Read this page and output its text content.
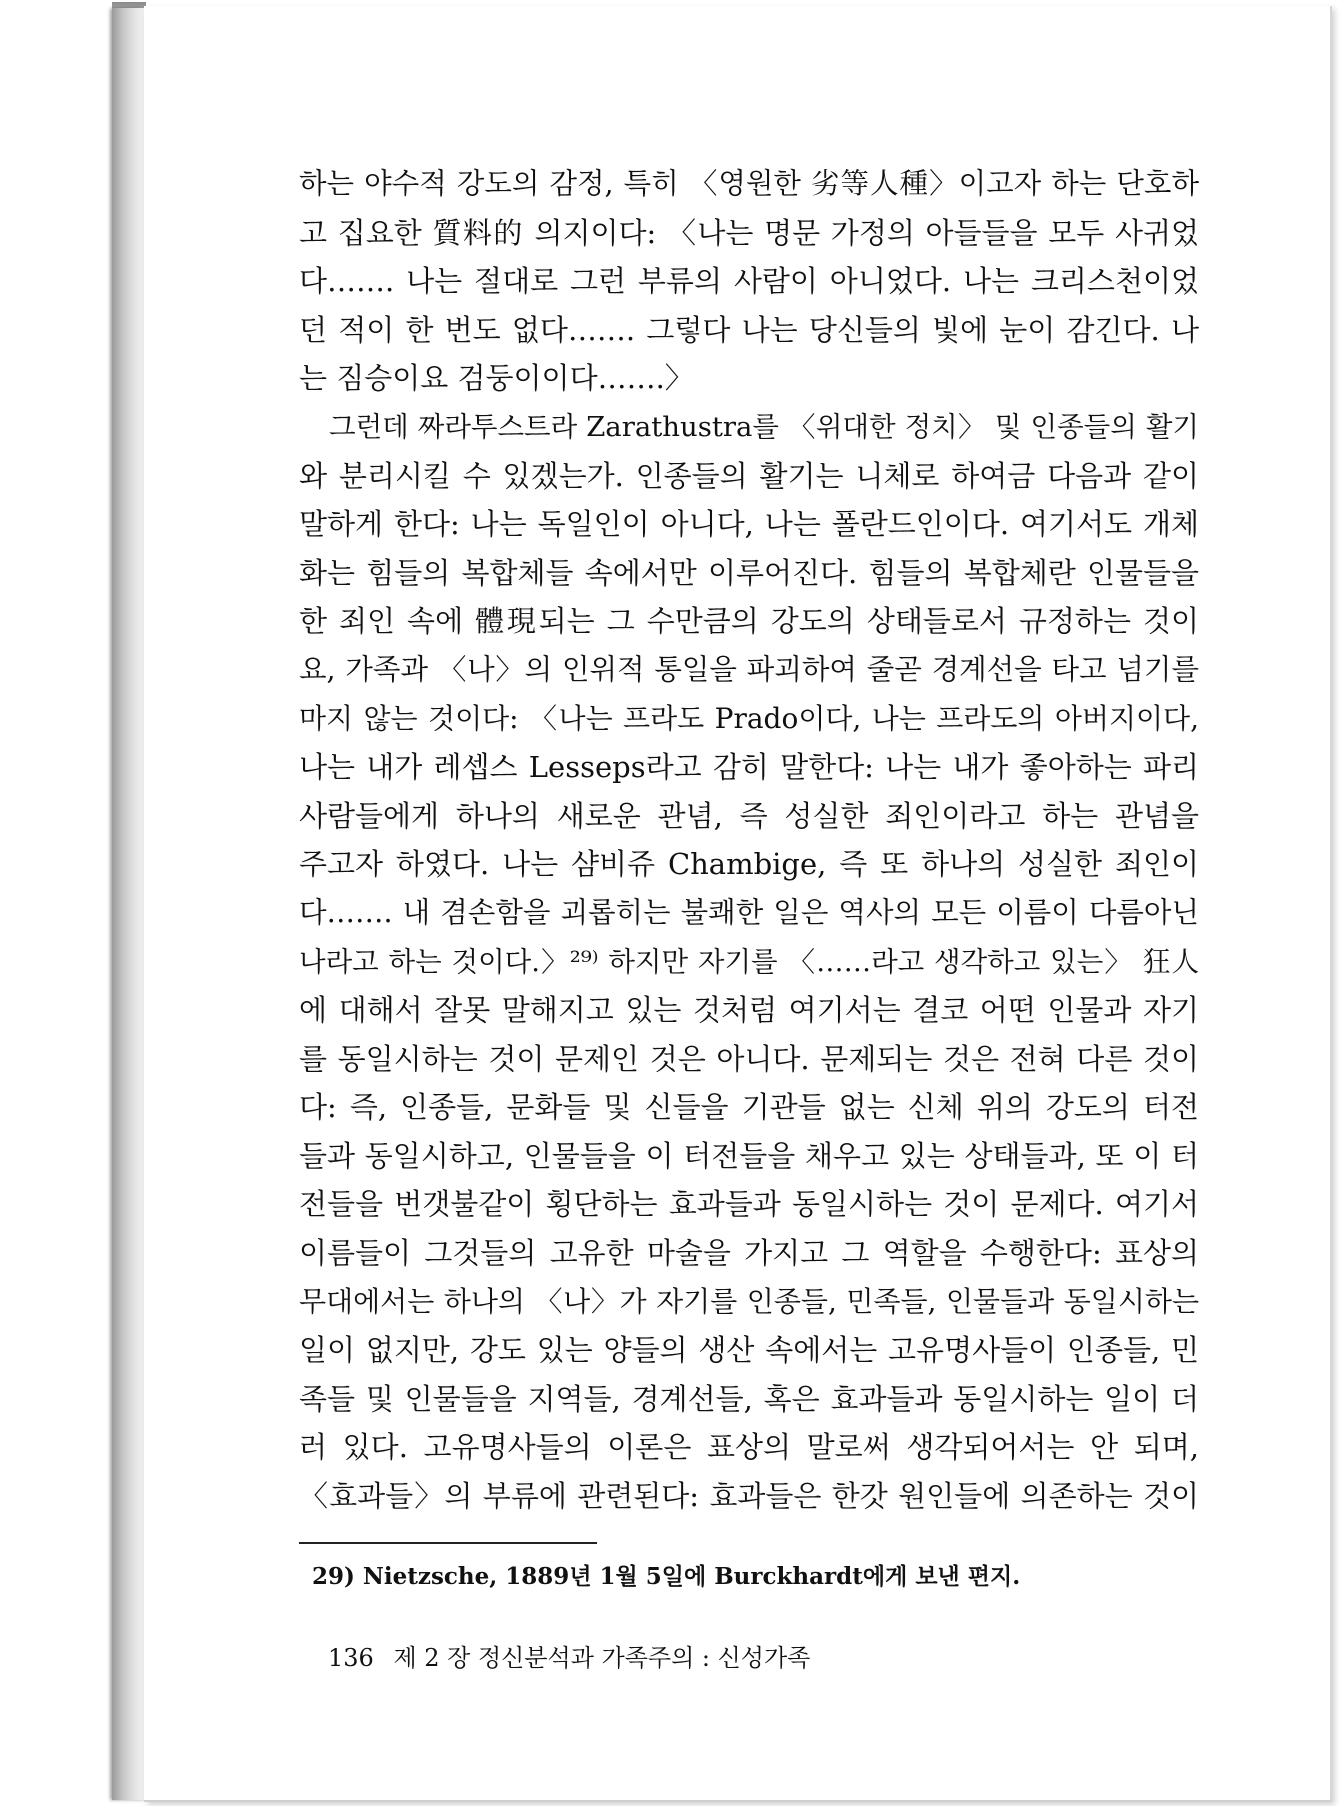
하는 야수적 강도의 감정, 특히 〈영원한 劣等人種〉이고자 하는 단호하
고 집요한 質料的 의지이다: 〈나는 명문 가정의 아들들을 모두 사귀었
다……. 나는 절대로 그런 부류의 사람이 아니었다. 나는 크리스천이었
던 적이 한 번도 없다……. 그렇다 나는 당신들의 빛에 눈이 감긴다. 나
는 짐승이요 검둥이이다…….〉
그런데 짜라투스트라 Zarathustra를 〈위대한 정치〉 및 인종들의 활기
와 분리시킬 수 있겠는가. 인종들의 활기는 니체로 하여금 다음과 같이
말하게 한다: 나는 독일인이 아니다, 나는 폴란드인이다. 여기서도 개체
화는 힘들의 복합체들 속에서만 이루어진다. 힘들의 복합체란 인물들을
한 죄인 속에 體現되는 그 수만큼의 강도의 상태들로서 규정하는 것이
요, 가족과 〈나〉의 인위적 통일을 파괴하여 줄곧 경계선을 타고 넘기를
마지 않는 것이다: 〈나는 프라도 Prado이다, 나는 프라도의 아버지이다,
나는 내가 레셉스 Lesseps라고 감히 말한다: 나는 내가 좋아하는 파리
사람들에게 하나의 새로운 관념, 즉 성실한 죄인이라고 하는 관념을
주고자 하였다. 나는 샴비쥬 Chambige, 즉 또 하나의 성실한 죄인이
다……. 내 겸손함을 괴롭히는 불쾌한 일은 역사의 모든 이름이 다름아닌
나라고 하는 것이다.〉²⁹⁾ 하지만 자기를 〈……라고 생각하고 있는〉 狂人
에 대해서 잘못 말해지고 있는 것처럼 여기서는 결코 어떤 인물과 자기
를 동일시하는 것이 문제인 것은 아니다. 문제되는 것은 전혀 다른 것이
다: 즉, 인종들, 문화들 및 신들을 기관들 없는 신체 위의 강도의 터전
들과 동일시하고, 인물들을 이 터전들을 채우고 있는 상태들과, 또 이 터
전들을 번갯불같이 횡단하는 효과들과 동일시하는 것이 문제다. 여기서
이름들이 그것들의 고유한 마술을 가지고 그 역할을 수행한다: 표상의
무대에서는 하나의 〈나〉가 자기를 인종들, 민족들, 인물들과 동일시하는
일이 없지만, 강도 있는 양들의 생산 속에서는 고유명사들이 인종들, 민
족들 및 인물들을 지역들, 경계선들, 혹은 효과들과 동일시하는 일이 더
러 있다. 고유명사들의 이론은 표상의 말로써 생각되어서는 안 되며,
〈효과들〉의 부류에 관련된다: 효과들은 한갓 원인들에 의존하는 것이
29) Nietzsche, 1889년 1월 5일에 Burckhardt에게 보낸 편지.
136 제 2 장 정신분석과 가족주의 : 신성가족
